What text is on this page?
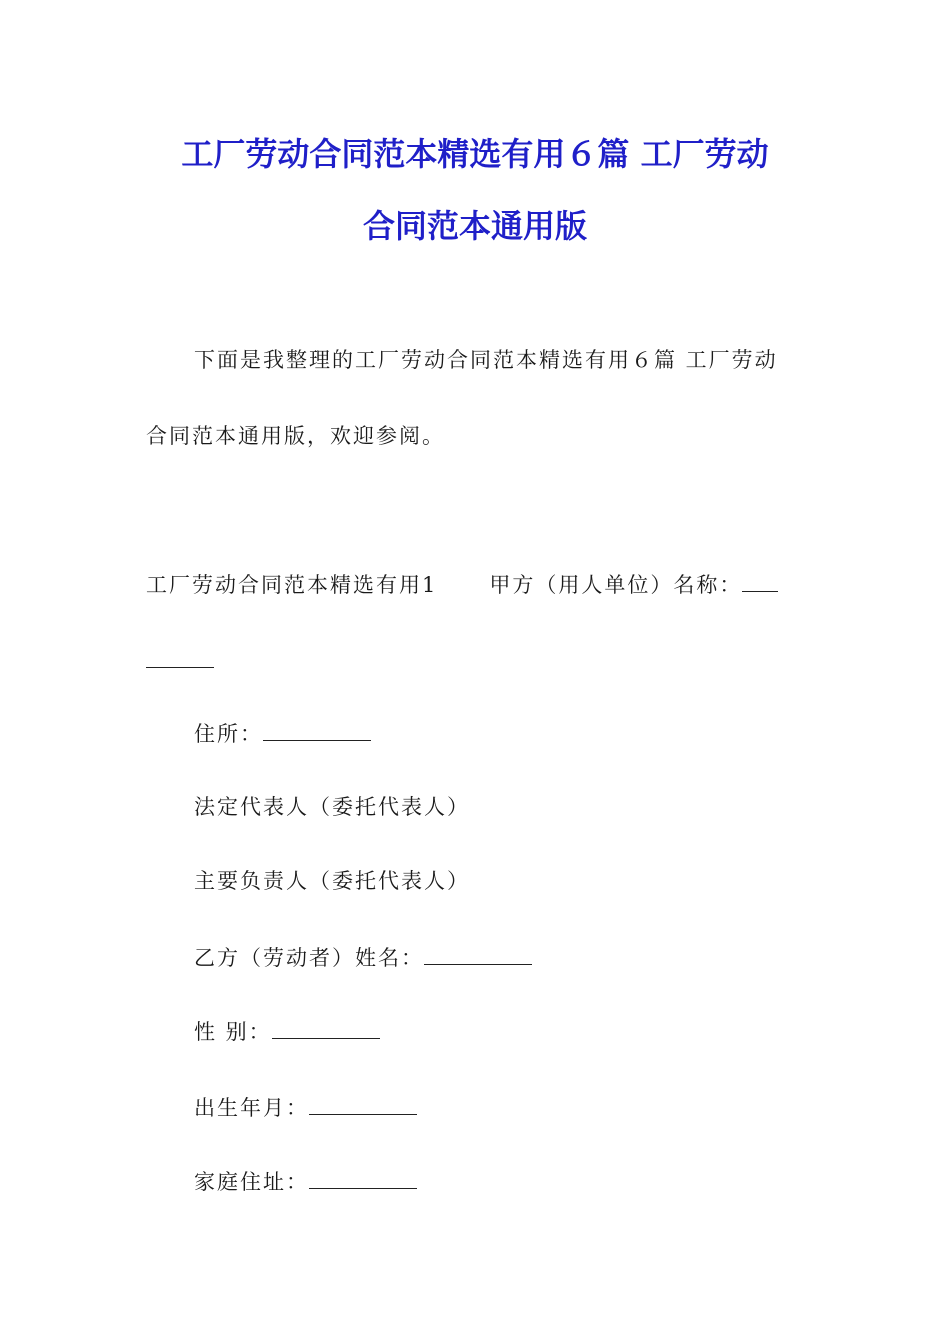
工厂劳动合同范本精选有用６篇 工厂劳动
合同范本通用版

下面是我整理的工厂劳动合同范本精选有用６篇 工厂劳动

合同范本通用版，欢迎参阅。

工厂劳动合同范本精选有用1 甲方（用人单位）名称：

住所：

法定代表人（委托代表人）

主要负责人（委托代表人）

乙方（劳动者）姓名：

性 别：

出生年月：

家庭住址：
